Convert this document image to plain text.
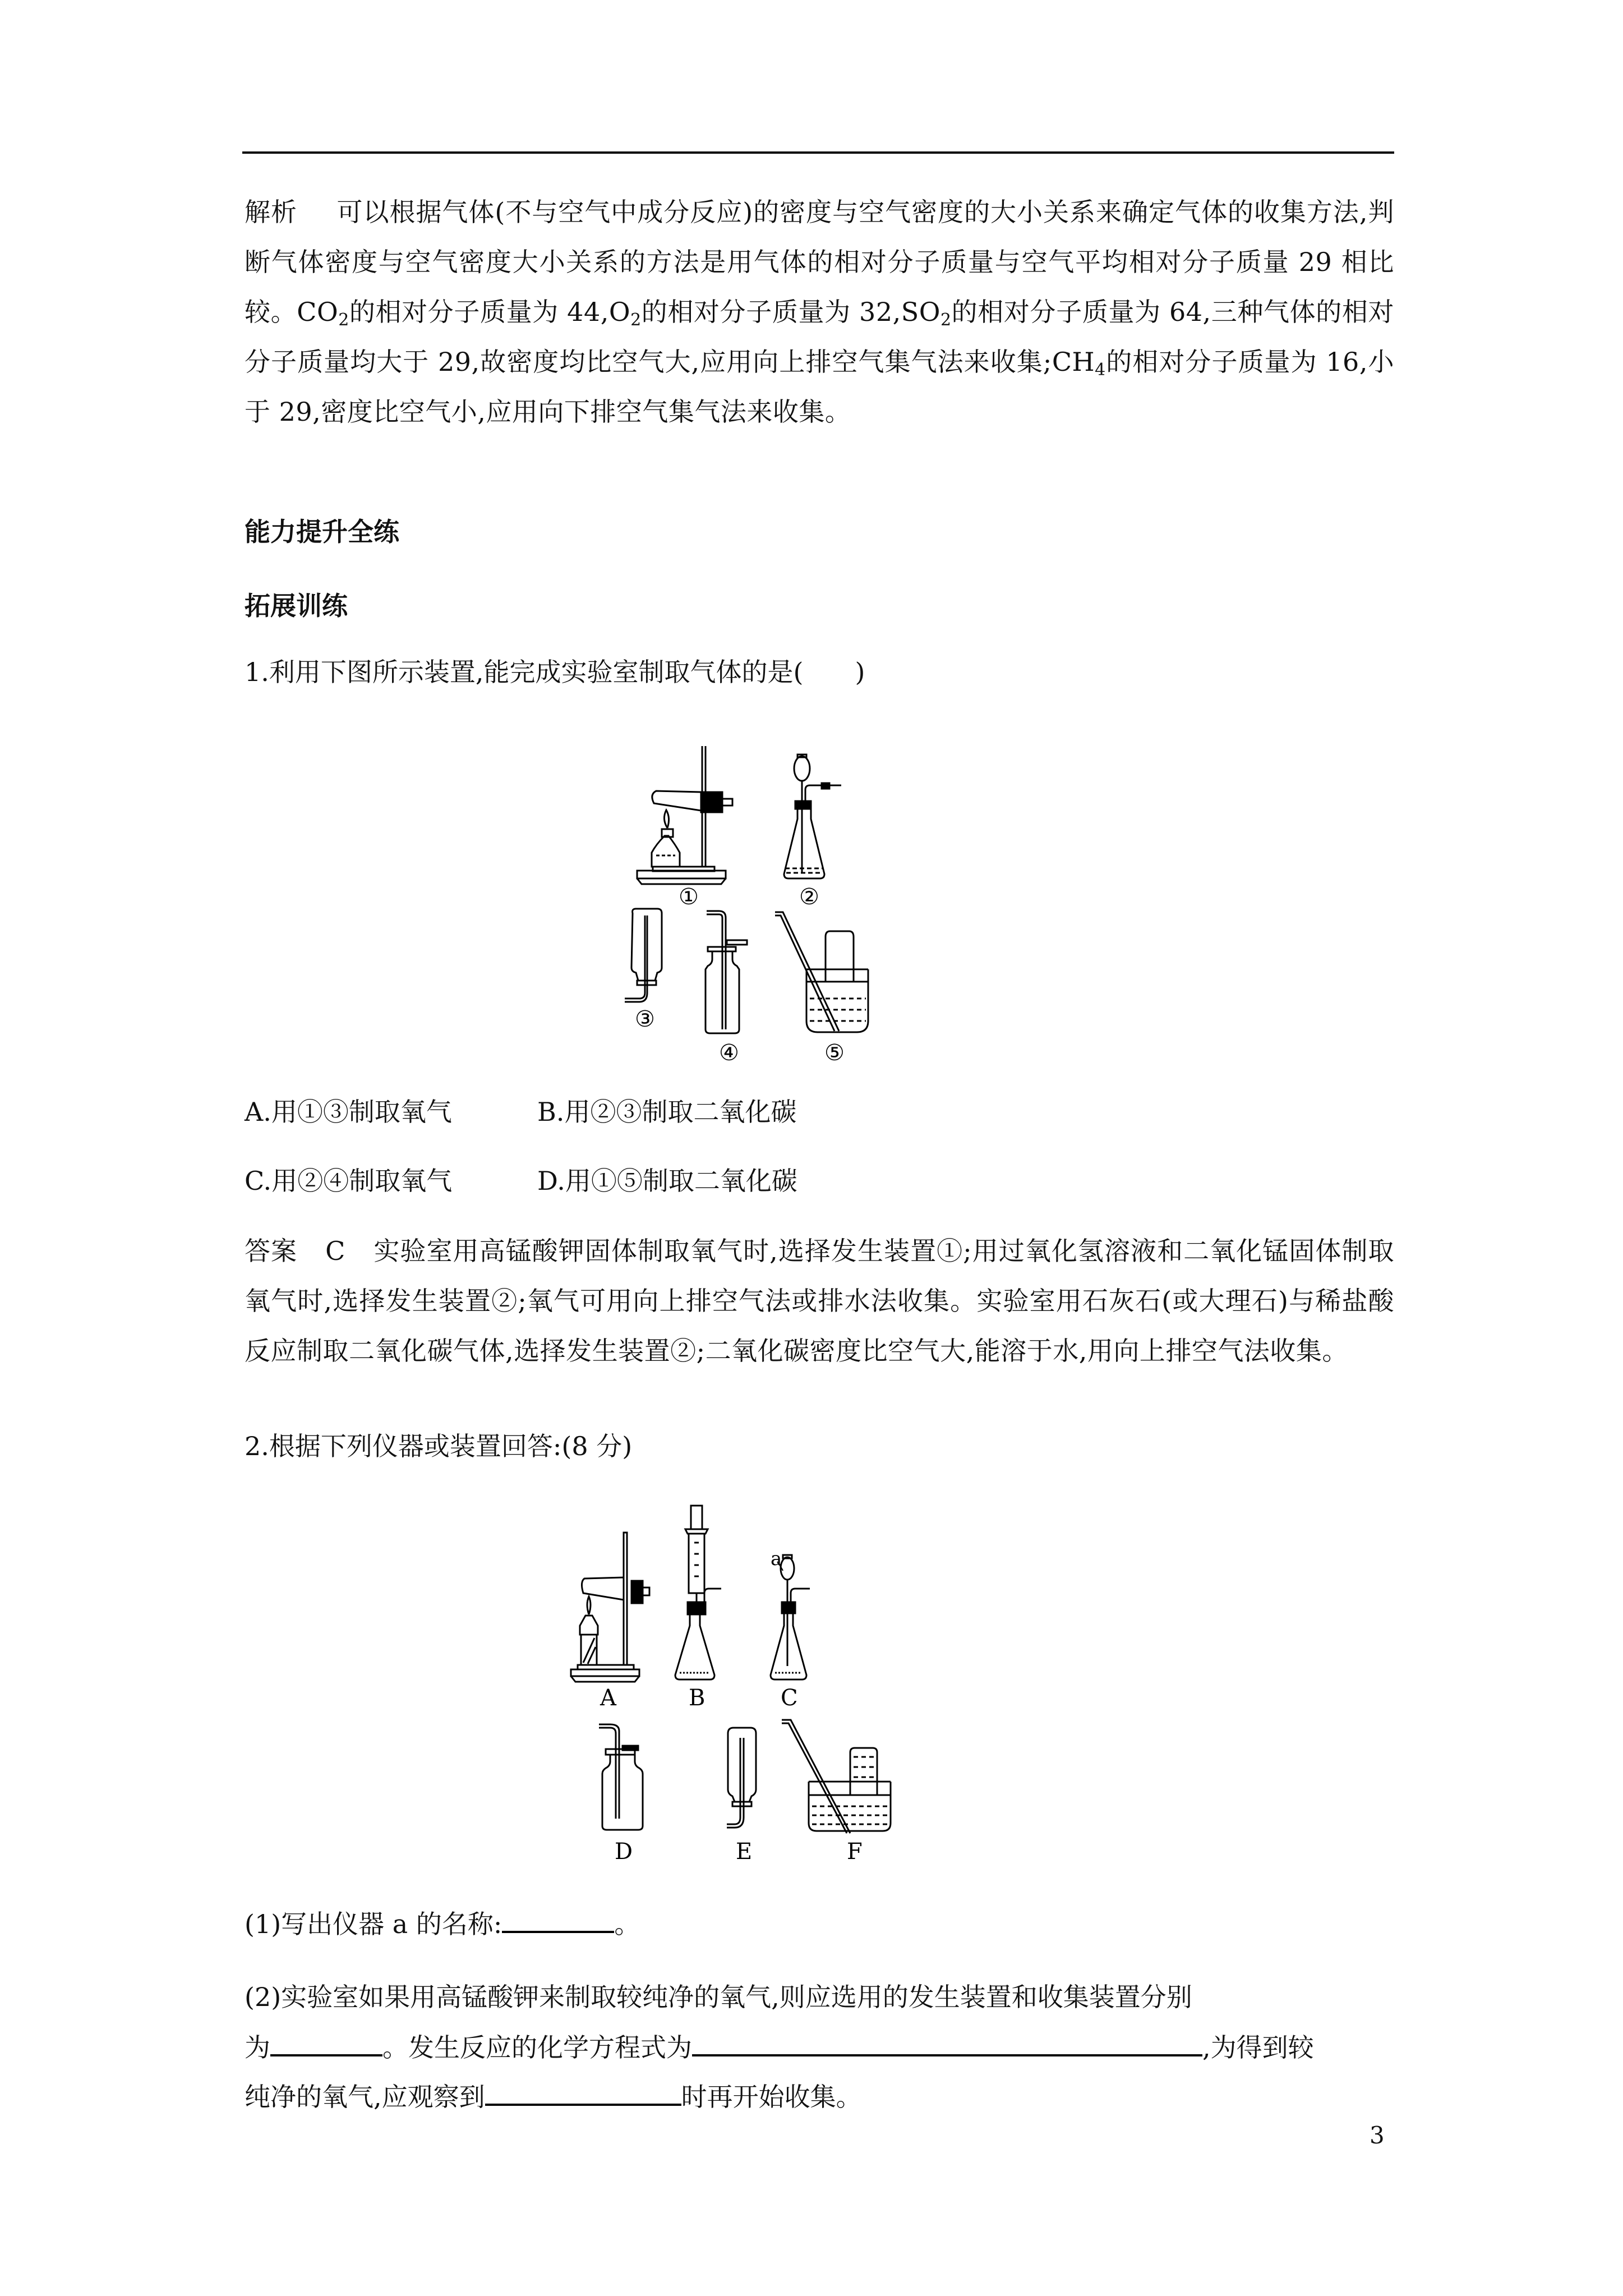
解析 可以根据气体(不与空气中成分反应)的密度与空气密度的大小关系来确定气体的收集方法,判断气体密度与空气密度大小关系的方法是用气体的相对分子质量与空气平均相对分子质量 29 相比较。$CO_2$的相对分子质量为 $44,O_2$的相对分子质量为 $32,SO_2$的相对分子质量为 64,三种气体的相对分子质量均大于 29,故密度均比空气大,应用向上排空气集气法来收集$;CH_4$的相对分子质量为 16,小于 29,密度比空气小,应用向下排空气集气法来收集。

能力提升全练
拓展训练

1.利用下图所示装置,能完成实验室制取气体的是(　　)

①	②
③
④	⑤

A.用①③制取氧气	B.用②③制取二氧化碳

C.用②④制取氧气	D.用①⑤制取二氧化碳

答案 C 实验室用高锰酸钾固体制取氧气时,选择发生装置①;用过氧化氢溶液和二氧化锰固体制取氧气时,选择发生装置②;氧气可用向上排空气法或排水法收集。实验室用石灰石(或大理石)与稀盐酸反应制取二氧化碳气体,选择发生装置②;二氧化碳密度比空气大,能溶于水,用向上排空气法收集。

2.根据下列仪器或装置回答:(8 分)

A	B
a
C
D	E	F

(1)写出仪器 a 的名称:	。

(2)实验室如果用高锰酸钾来制取较纯净的氧气,则应选用的发生装置和收集装置分别

为	。发生反应的化学方程式为	,为得到较

纯净的氧气,应观察到	时再开始收集。

3
